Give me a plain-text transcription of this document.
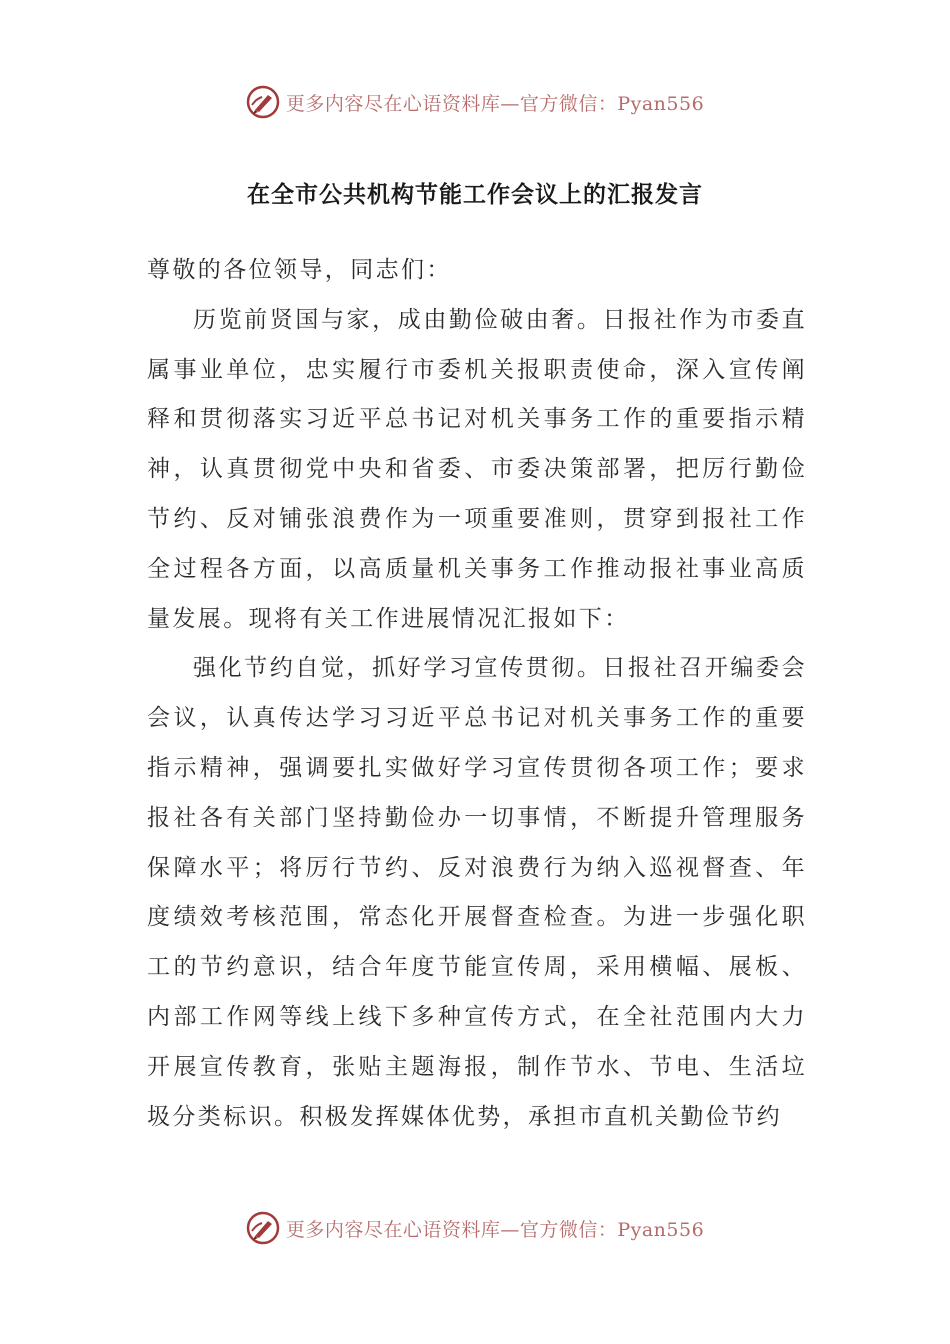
更多内容尽在心语资料库—官方微信：Pyan556
在全市公共机构节能工作会议上的汇报发言

尊敬的各位领导，同志们：

历览前贤国与家，成由勤俭破由奢。日报社作为市委直属事业单位，忠实履行市委机关报职责使命，深入宣传阐释和贯彻落实习近平总书记对机关事务工作的重要指示精神，认真贯彻党中央和省委、市委决策部署，把厉行勤俭节约、反对铺张浪费作为一项重要准则，贯穿到报社工作全过程各方面，以高质量机关事务工作推动报社事业高质量发展。现将有关工作进展情况汇报如下：

强化节约自觉，抓好学习宣传贯彻。日报社召开编委会会议，认真传达学习习近平总书记对机关事务工作的重要指示精神，强调要扎实做好学习宣传贯彻各项工作；要求报社各有关部门坚持勤俭办一切事情，不断提升管理服务保障水平；将厉行节约、反对浪费行为纳入巡视督查、年度绩效考核范围，常态化开展督查检查。为进一步强化职工的节约意识，结合年度节能宣传周，采用横幅、展板、内部工作网等线上线下多种宣传方式，在全社范围内大力开展宣传教育，张贴主题海报，制作节水、节电、生活垃圾分类标识。积极发挥媒体优势，承担市直机关勤俭节约

更多内容尽在心语资料库—官方微信：Pyan556
